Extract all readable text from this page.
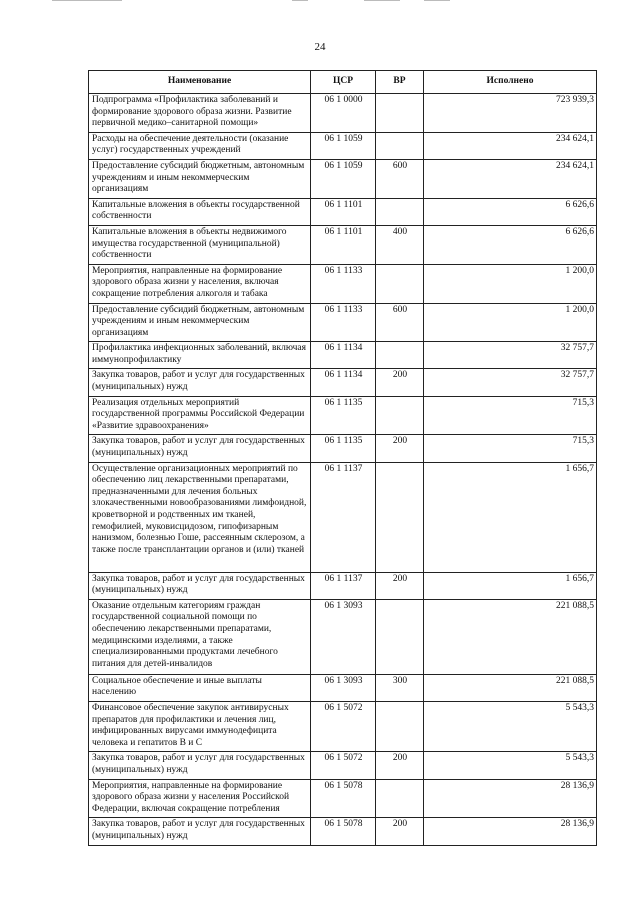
24
Наименование	ЦСР	ВР	Исполнено
Подпрограмма «Профилактика заболеваний и формирование здорового образа жизни. Развитие первичной медико–санитарной помощи»	06 1 0000		723 939,3
Расходы на обеспечение деятельности (оказание услуг) государственных учреждений	06 1 1059		234 624,1
Предоставление субсидий бюджетным, автономным учреждениям и иным некоммерческим организациям	06 1 1059	600	234 624,1
Капитальные вложения в объекты государственной собственности	06 1 1101		6 626,6
Капитальные вложения в объекты недвижимого имущества государственной (муниципальной) собственности	06 1 1101	400	6 626,6
Мероприятия, направленные на формирование здорового образа жизни у населения, включая сокращение потребления алкоголя и табака	06 1 1133		1 200,0
Предоставление субсидий бюджетным, автономным учреждениям и иным некоммерческим организациям	06 1 1133	600	1 200,0
Профилактика инфекционных заболеваний, включая иммунопрофилактику	06 1 1134		32 757,7
Закупка товаров, работ и услуг для государственных (муниципальных) нужд	06 1 1134	200	32 757,7
Реализация отдельных мероприятий государственной программы Российской Федерации «Развитие здравоохранения»	06 1 1135		715,3
Закупка товаров, работ и услуг для государственных (муниципальных) нужд	06 1 1135	200	715,3
Осуществление организационных мероприятий по обеспечению лиц лекарственными препаратами, предназначенными для лечения больных злокачественными новообразованиями лимфоидной, кроветворной и родственных им тканей, гемофилией, муковисцидозом, гипофизарным нанизмом, болезнью Гоше, рассеянным склерозом, а также после трансплантации органов и (или) тканей	06 1 1137		1 656,7
Закупка товаров, работ и услуг для государственных (муниципальных) нужд	06 1 1137	200	1 656,7
Оказание отдельным категориям граждан государственной социальной помощи по обеспечению лекарственными препаратами, медицинскими изделиями, а также специализированными продуктами лечебного питания для детей-инвалидов	06 1 3093		221 088,5
Социальное обеспечение и иные выплаты населению	06 1 3093	300	221 088,5
Финансовое обеспечение закупок антивирусных препаратов для профилактики и лечения лиц, инфицированных вирусами иммунодефицита человека и гепатитов В и С	06 1 5072		5 543,3
Закупка товаров, работ и услуг для государственных (муниципальных) нужд	06 1 5072	200	5 543,3
Мероприятия, направленные на формирование здорового образа жизни у населения Российской Федерации, включая сокращение потребления	06 1 5078		28 136,9
Закупка товаров, работ и услуг для государственных (муниципальных) нужд	06 1 5078	200	28 136,9
